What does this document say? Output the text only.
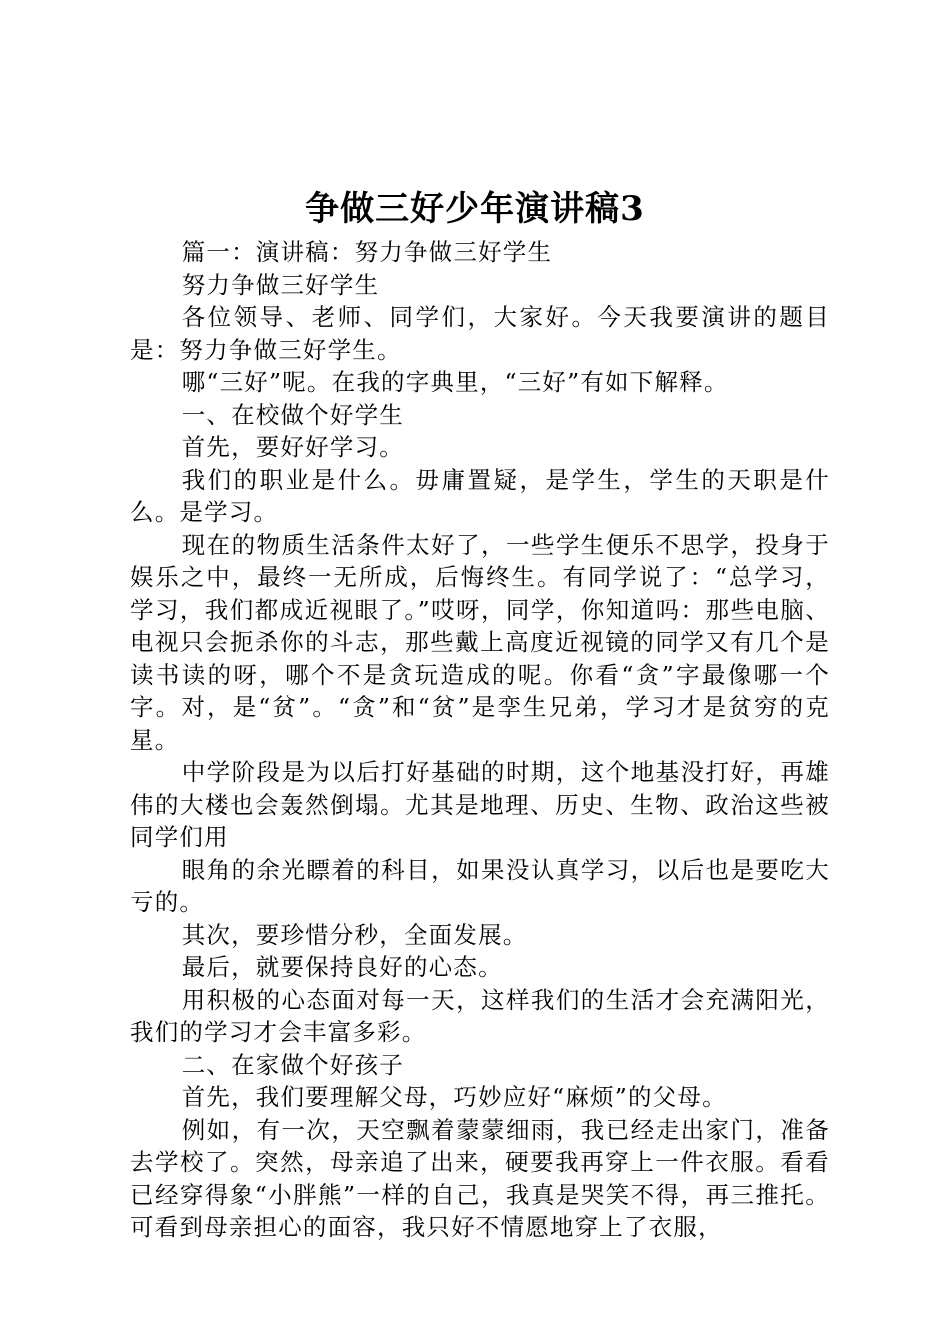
争做三好少年演讲稿3

篇一：演讲稿：努力争做三好学生

努力争做三好学生

各位领导、老师、同学们，大家好。今天我要演讲的题目是：努力争做三好学生。

哪“三好”呢。在我的字典里，“三好”有如下解释。

一、在校做个好学生

首先，要好好学习。

我们的职业是什么。毋庸置疑，是学生，学生的天职是什么。是学习。

现在的物质生活条件太好了，一些学生便乐不思学，投身于娱乐之中，最终一无所成，后悔终生。有同学说了：“总学习，学习，我们都成近视眼了。”哎呀，同学，你知道吗：那些电脑、电视只会扼杀你的斗志，那些戴上高度近视镜的同学又有几个是读书读的呀，哪个不是贪玩造成的呢。你看“贪”字最像哪一个字。对，是“贫”。“贪”和“贫”是孪生兄弟，学习才是贫穷的克星。

中学阶段是为以后打好基础的时期，这个地基没打好，再雄伟的大楼也会轰然倒塌。尤其是地理、历史、生物、政治这些被同学们用

眼角的余光瞟着的科目，如果没认真学习，以后也是要吃大亏的。

其次，要珍惜分秒，全面发展。

最后，就要保持良好的心态。

用积极的心态面对每一天，这样我们的生活才会充满阳光，我们的学习才会丰富多彩。

二、在家做个好孩子

首先，我们要理解父母，巧妙应好“麻烦”的父母。

例如，有一次，天空飘着蒙蒙细雨，我已经走出家门，准备去学校了。突然，母亲追了出来，硬要我再穿上一件衣服。看看已经穿得象“小胖熊”一样的自己，我真是哭笑不得，再三推托。可看到母亲担心的面容，我只好不情愿地穿上了衣服，
